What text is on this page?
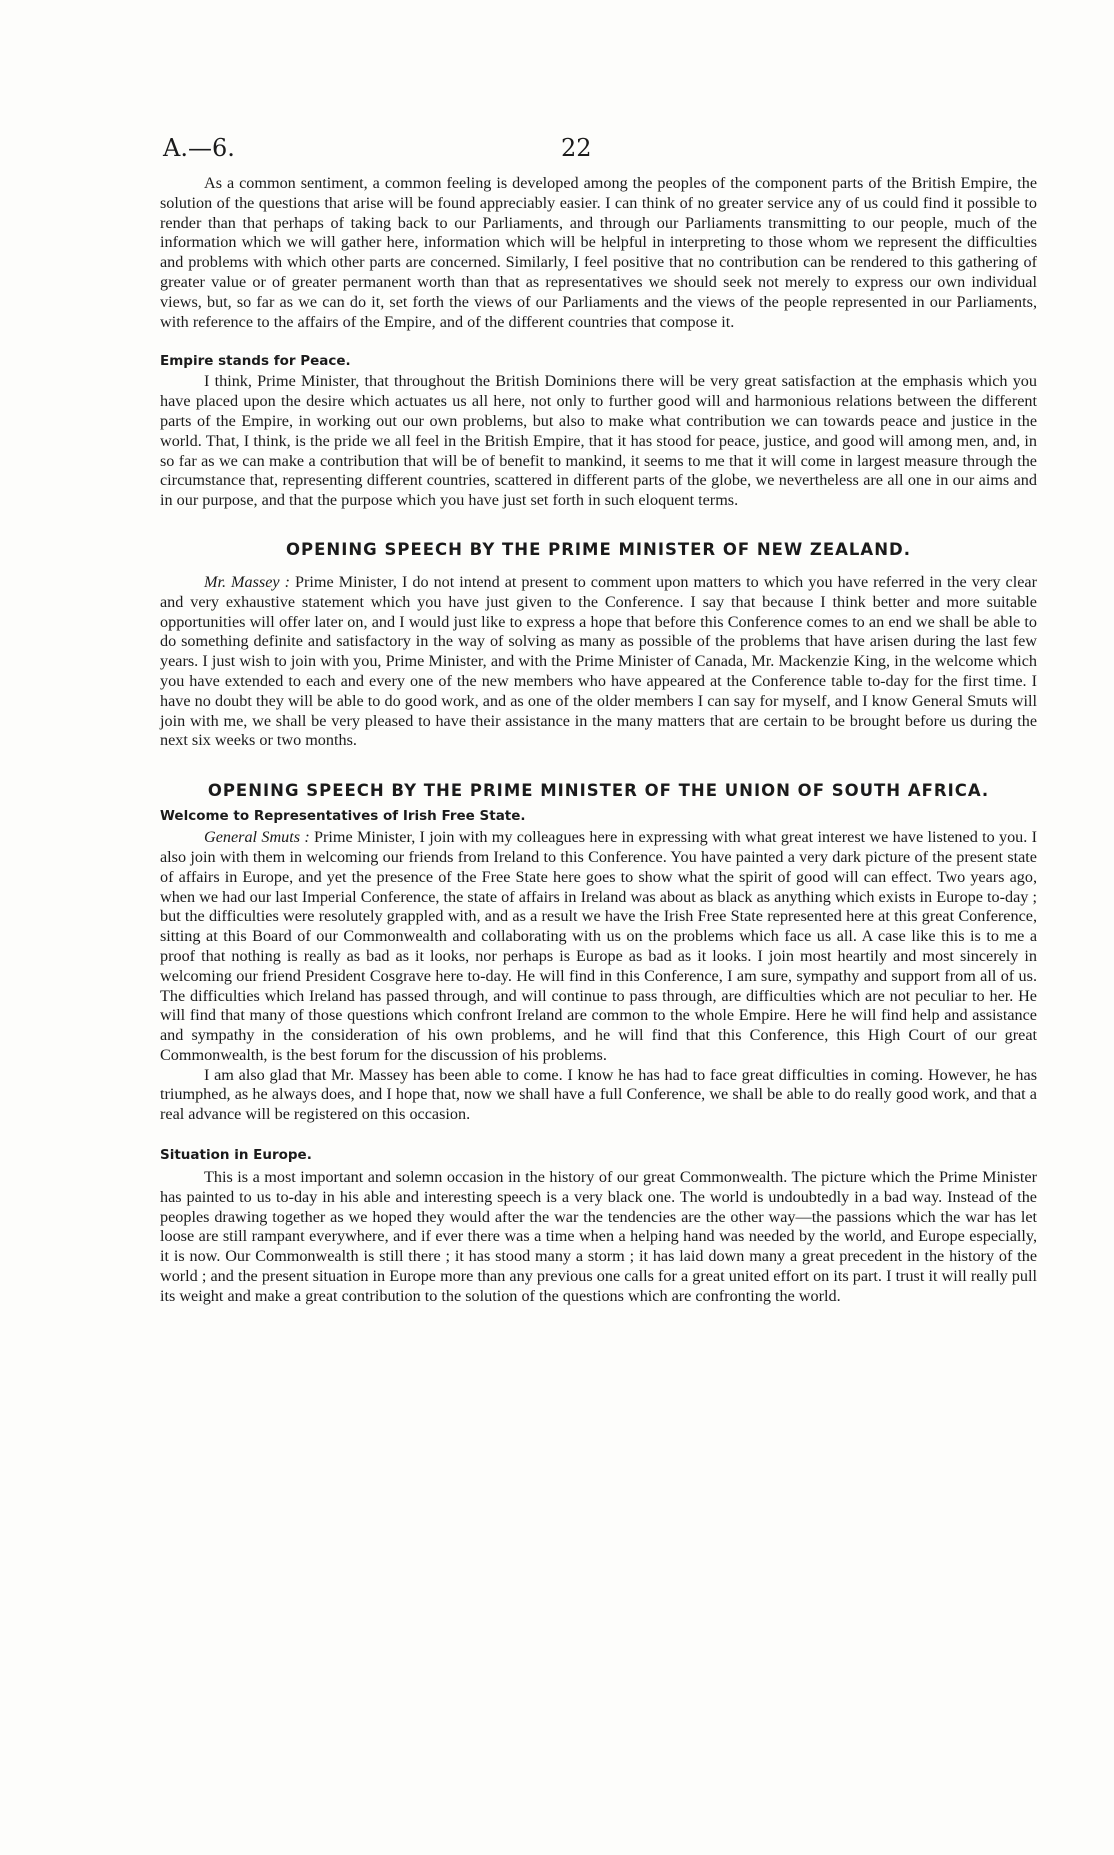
A.—6.	22

As a common sentiment, a common feeling is developed among the peoples of the component parts of the British Empire, the solution of the questions that arise will be found appreciably easier. I can think of no greater service any of us could find it possible to render than that perhaps of taking back to our Parliaments, and through our Parliaments transmitting to our people, much of the information which we will gather here, information which will be helpful in interpreting to those whom we represent the difficulties and problems with which other parts are concerned. Similarly, I feel positive that no contribution can be rendered to this gathering of greater value or of greater permanent worth than that as representatives we should seek not merely to express our own individual views, but, so far as we can do it, set forth the views of our Parliaments and the views of the people represented in our Parliaments, with reference to the affairs of the Empire, and of the different countries that compose it.

Empire stands for Peace.

I think, Prime Minister, that throughout the British Dominions there will be very great satisfaction at the emphasis which you have placed upon the desire which actuates us all here, not only to further good will and harmonious relations between the different parts of the Empire, in working out our own problems, but also to make what contribution we can towards peace and justice in the world. That, I think, is the pride we all feel in the British Empire, that it has stood for peace, justice, and good will among men, and, in so far as we can make a contribution that will be of benefit to mankind, it seems to me that it will come in largest measure through the circumstance that, representing different countries, scattered in different parts of the globe, we nevertheless are all one in our aims and in our purpose, and that the purpose which you have just set forth in such eloquent terms.

OPENING SPEECH BY THE PRIME MINISTER OF NEW ZEALAND.

Mr. Massey : Prime Minister, I do not intend at present to comment upon matters to which you have referred in the very clear and very exhaustive statement which you have just given to the Conference. I say that because I think better and more suitable opportunities will offer later on, and I would just like to express a hope that before this Conference comes to an end we shall be able to do something definite and satisfactory in the way of solving as many as possible of the problems that have arisen during the last few years. I just wish to join with you, Prime Minister, and with the Prime Minister of Canada, Mr. Mackenzie King, in the welcome which you have extended to each and every one of the new members who have appeared at the Conference table to-day for the first time. I have no doubt they will be able to do good work, and as one of the older members I can say for myself, and I know General Smuts will join with me, we shall be very pleased to have their assistance in the many matters that are certain to be brought before us during the next six weeks or two months.

OPENING SPEECH BY THE PRIME MINISTER OF THE UNION OF SOUTH AFRICA.
Welcome to Representatives of Irish Free State.

General Smuts : Prime Minister, I join with my colleagues here in expressing with what great interest we have listened to you. I also join with them in welcoming our friends from Ireland to this Conference. You have painted a very dark picture of the present state of affairs in Europe, and yet the presence of the Free State here goes to show what the spirit of good will can effect. Two years ago, when we had our last Imperial Conference, the state of affairs in Ireland was about as black as anything which exists in Europe to-day ; but the difficulties were resolutely grappled with, and as a result we have the Irish Free State represented here at this great Conference, sitting at this Board of our Commonwealth and collaborating with us on the problems which face us all. A case like this is to me a proof that nothing is really as bad as it looks, nor perhaps is Europe as bad as it looks. I join most heartily and most sincerely in welcoming our friend President Cosgrave here to-day. He will find in this Conference, I am sure, sympathy and support from all of us. The difficulties which Ireland has passed through, and will continue to pass through, are difficulties which are not peculiar to her. He will find that many of those questions which confront Ireland are common to the whole Empire. Here he will find help and assistance and sympathy in the consideration of his own problems, and he will find that this Conference, this High Court of our great Commonwealth, is the best forum for the discussion of his problems.

I am also glad that Mr. Massey has been able to come. I know he has had to face great difficulties in coming. However, he has triumphed, as he always does, and I hope that, now we shall have a full Conference, we shall be able to do really good work, and that a real advance will be registered on this occasion.

Situation in Europe.

This is a most important and solemn occasion in the history of our great Commonwealth. The picture which the Prime Minister has painted to us to-day in his able and interesting speech is a very black one. The world is undoubtedly in a bad way. Instead of the peoples drawing together as we hoped they would after the war the tendencies are the other way—the passions which the war has let loose are still rampant everywhere, and if ever there was a time when a helping hand was needed by the world, and Europe especially, it is now. Our Commonwealth is still there ; it has stood many a storm ; it has laid down many a great precedent in the history of the world ; and the present situation in Europe more than any previous one calls for a great united effort on its part. I trust it will really pull its weight and make a great contribution to the solution of the questions which are confronting the world.
